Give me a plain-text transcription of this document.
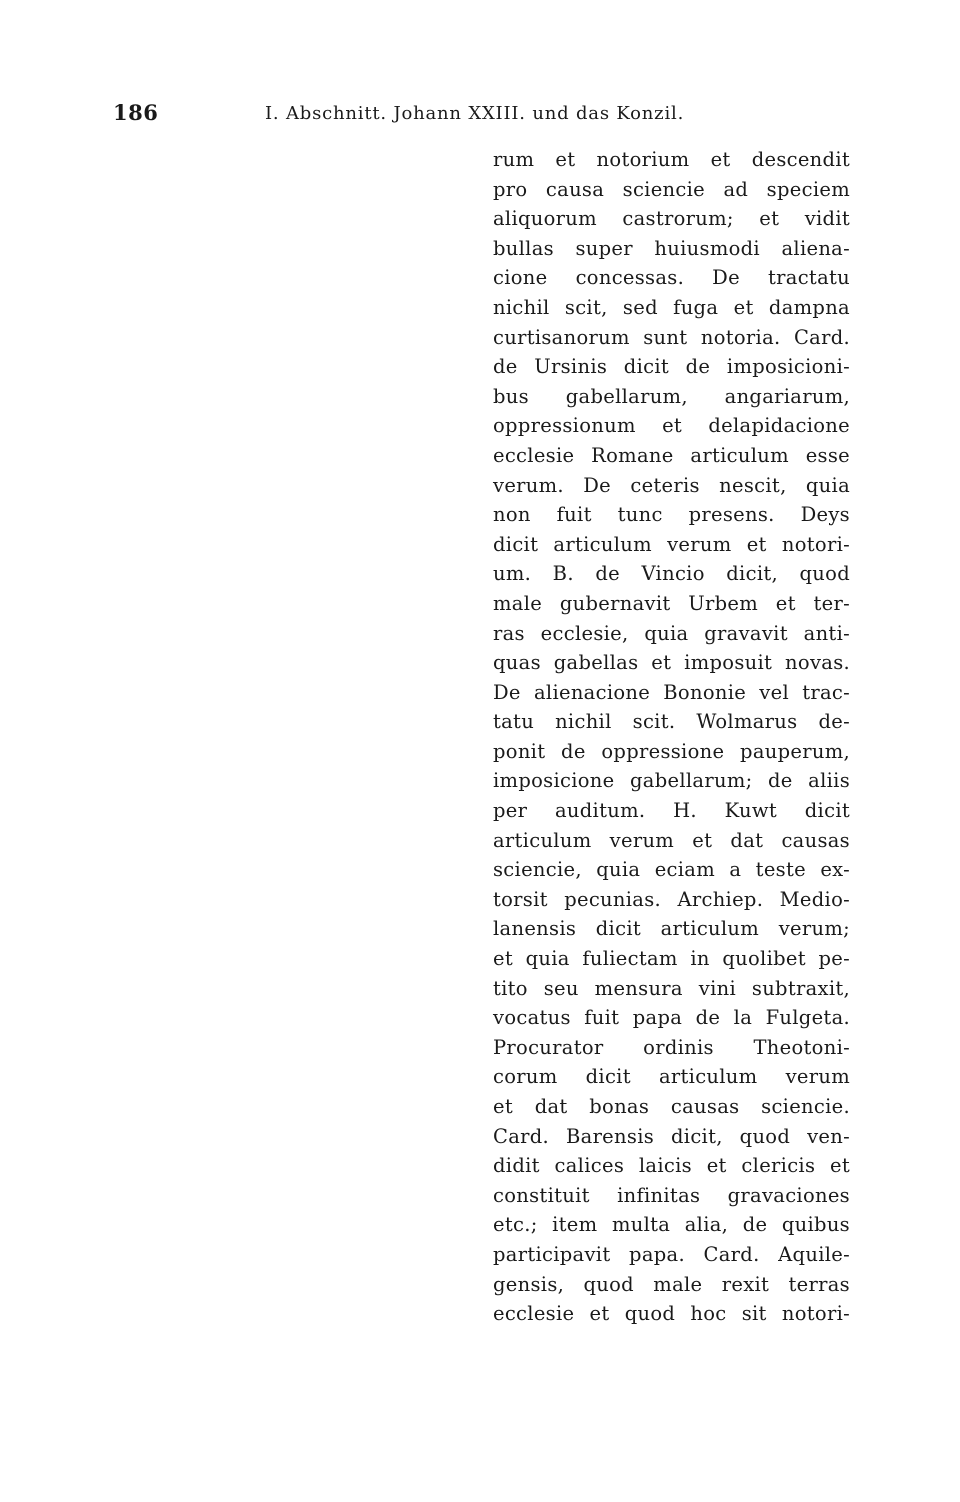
186	I. Abschnitt. Johann XXIII. und das Konzil.
rum et notorium et descendit
pro causa sciencie ad speciem
aliquorum castrorum; et vidit
bullas super huiusmodi aliena-
cione concessas. De tractatu
nichil scit, sed fuga et dampna
curtisanorum sunt notoria. Card.
de Ursinis dicit de imposicioni-
bus gabellarum, angariarum,
oppressionum et delapidacione
ecclesie Romane articulum esse
verum. De ceteris nescit, quia
non fuit tunc presens. Deys
dicit articulum verum et notori-
um. B. de Vincio dicit, quod
male gubernavit Urbem et ter-
ras ecclesie, quia gravavit anti-
quas gabellas et imposuit novas.
De alienacione Bononie vel trac-
tatu nichil scit. Wolmarus de-
ponit de oppressione pauperum,
imposicione gabellarum; de aliis
per auditum. H. Kuwt dicit
articulum verum et dat causas
sciencie, quia eciam a teste ex-
torsit pecunias. Archiep. Medio-
lanensis dicit articulum verum;
et quia fuliectam in quolibet pe-
tito seu mensura vini subtraxit,
vocatus fuit papa de la Fulgeta.
Procurator ordinis Theotoni-
corum dicit articulum verum
et dat bonas causas sciencie.
Card. Barensis dicit, quod ven-
didit calices laicis et clericis et
constituit infinitas gravaciones
etc.; item multa alia, de quibus
participavit papa. Card. Aquile-
gensis, quod male rexit terras
ecclesie et quod hoc sit notori-
